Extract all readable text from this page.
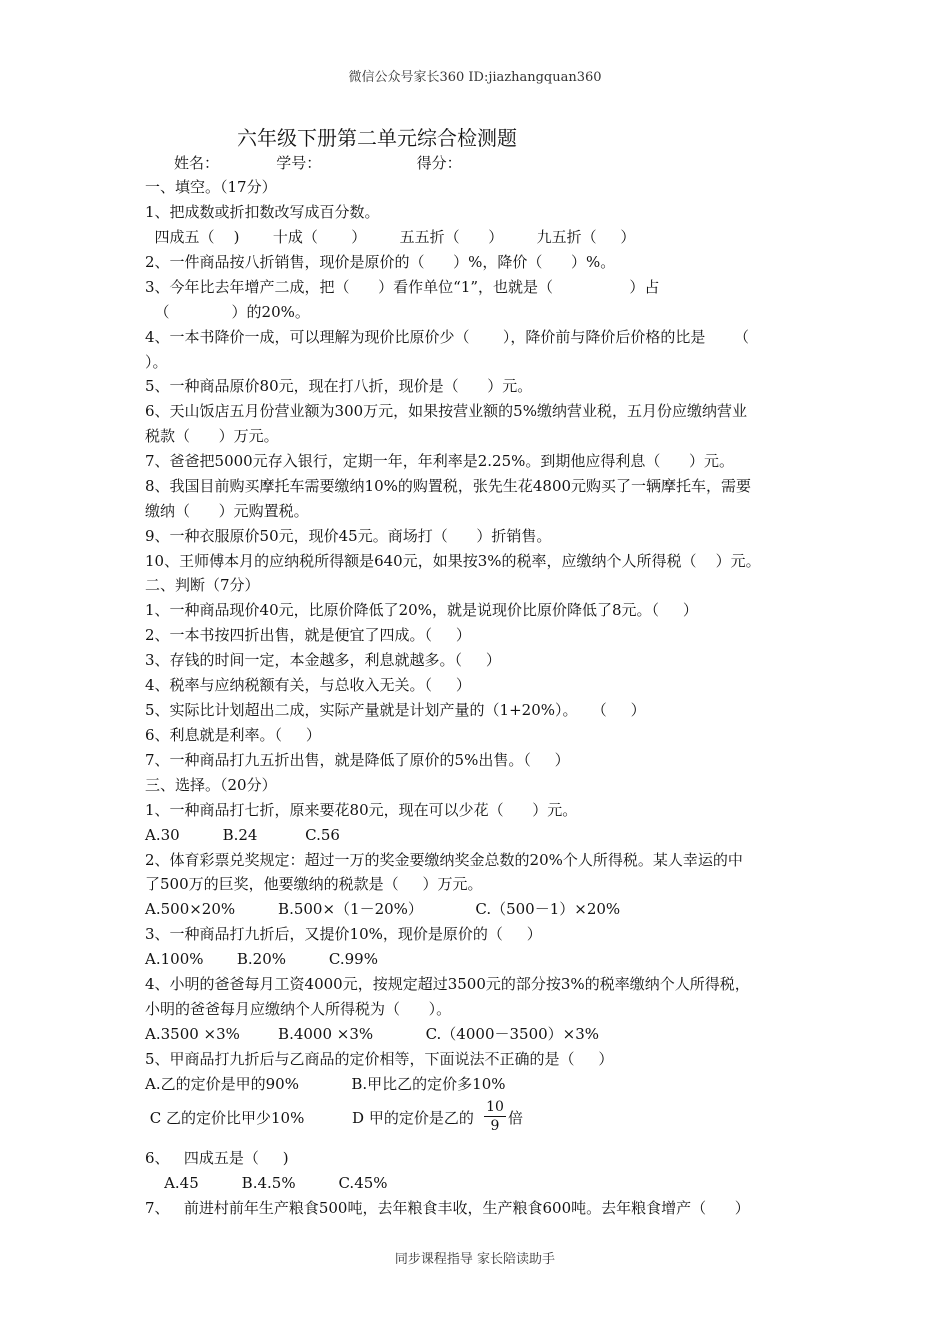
微信公众号家长360 ID:jiazhangquan360
六年级下册第二单元综合检测题
姓名：            学号：                    得分：
一、填空。（17分）
1、把成数或折扣数改写成百分数。
四成五（    )       十成（       ）       五五折（      ）       九五折（     ）
2、一件商品按八折销售，现价是原价的（      ）%，降价（      ）%。
3、今年比去年增产二成，把（      ）看作单位“1”，也就是（                ）占
（             ）的20%。
4、一本书降价一成，可以理解为现价比原价少（       ），降价前与降价后价格的比是      （
）。
5、一种商品原价80元，现在打八折，现价是（      ）元。
6、天山饭店五月份营业额为300万元，如果按营业额的5%缴纳营业税，五月份应缴纳营业
税款（      ）万元。
7、爸爸把5000元存入银行，定期一年，年利率是2.25%。到期他应得利息（      ）元。
8、我国目前购买摩托车需要缴纳10%的购置税，张先生花4800元购买了一辆摩托车，需要
缴纳（      ）元购置税。
9、一种衣服原价50元，现价45元。商场打（      ）折销售。
10、王师傅本月的应纳税所得额是640元，如果按3%的税率，应缴纳个人所得税（    ）元。
二、判断（7分）
1、一种商品现价40元，比原价降低了20%，就是说现价比原价降低了8元。（     ）
2、一本书按四折出售，就是便宜了四成。（     ）
3、存钱的时间一定，本金越多，利息就越多。（     ）
4、税率与应纳税额有关，与总收入无关。（     ）
5、实际比计划超出二成，实际产量就是计划产量的（1+20%）。   （     ）
6、利息就是利率。（     ）
7、一种商品打九五折出售，就是降低了原价的5%出售。（     ）
三、选择。（20分）
1、一种商品打七折，原来要花80元，现在可以少花（      ）元。
A.30         B.24          C.56
2、体育彩票兑奖规定：超过一万的奖金要缴纳奖金总数的20%个人所得税。某人幸运的中
了500万的巨奖，他要缴纳的税款是（     ）万元。
A.500×20%         B.500×（1－20%）           C.（500－1）×20%
3、一种商品打九折后，又提价10%，现价是原价的（     ）
A.100%       B.20%         C.99%
4、小明的爸爸每月工资4000元，按规定超过3500元的部分按3%的税率缴纳个人所得税，
小明的爸爸每月应缴纳个人所得税为（      ）。
A.3500 ×3%        B.4000 ×3%           C.（4000－3500）×3%
5、甲商品打九折后与乙商品的定价相等，下面说法不正确的是（     ）
A.乙的定价是甲的90%           B.甲比乙的定价多10%
C 乙的定价比甲少10%          D 甲的定价是乙的 $\frac{10}{9}$ 倍
6、   四成五是（     )
A.45         B.4.5%         C.45%
7、   前进村前年生产粮食500吨，去年粮食丰收，生产粮食600吨。去年粮食增产（      ）
同步课程指导 家长陪读助手
